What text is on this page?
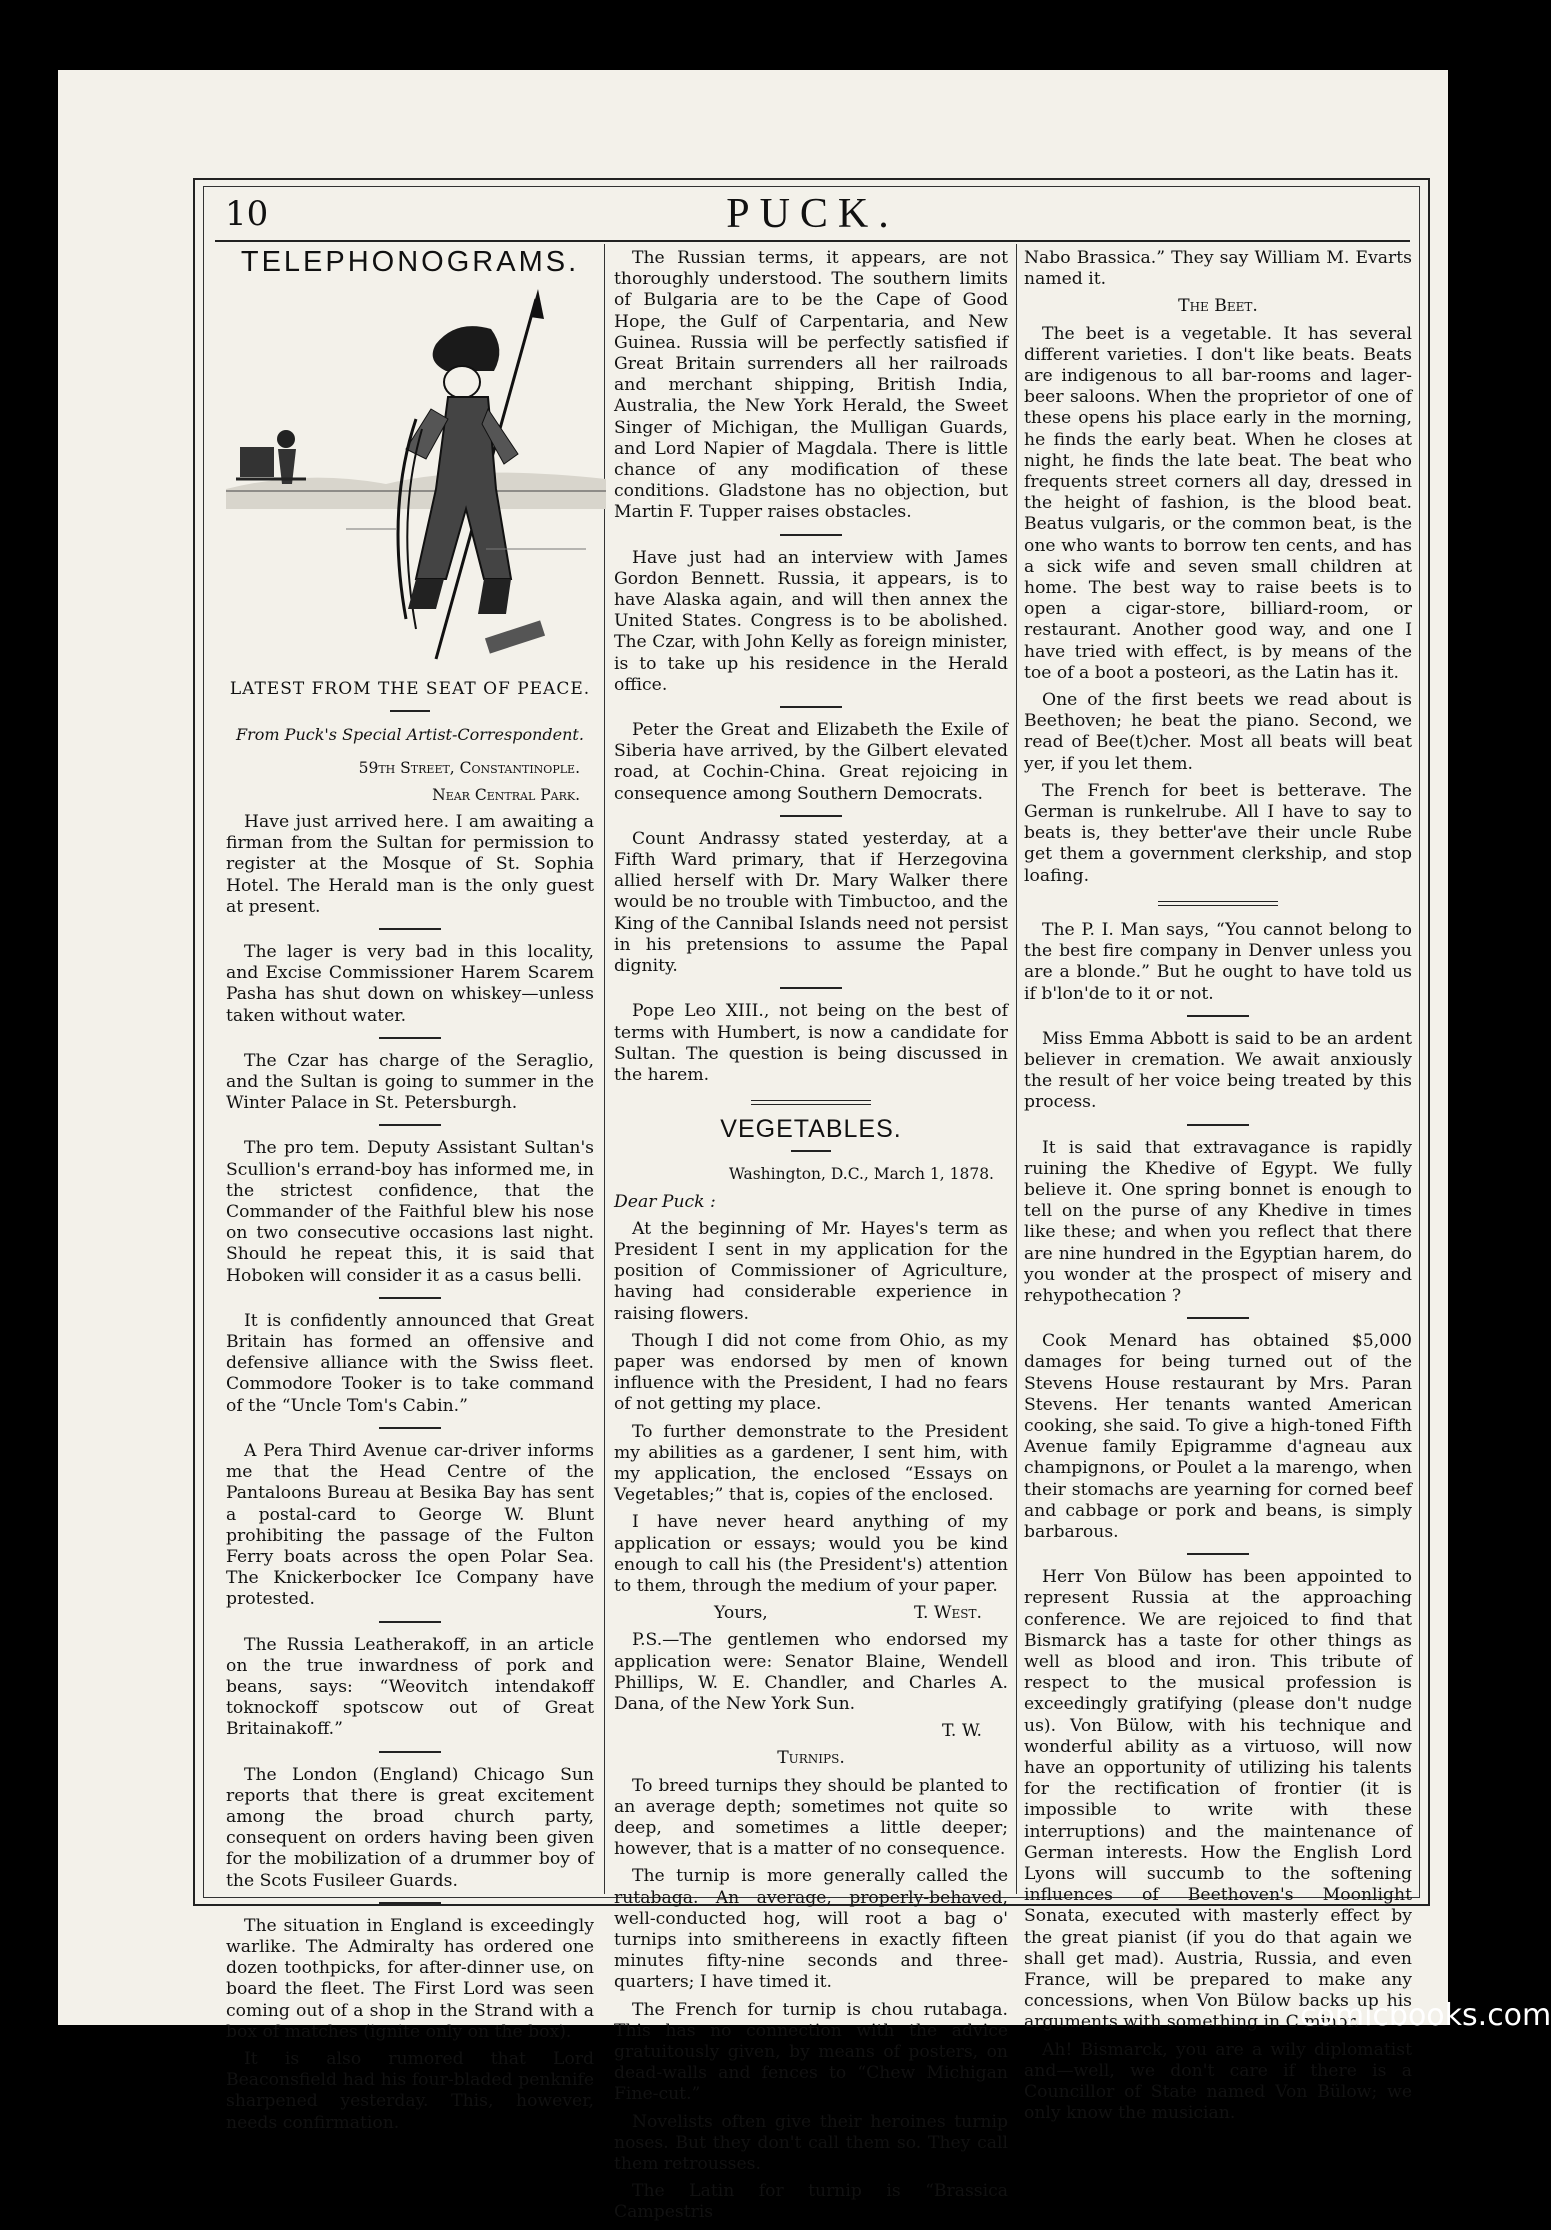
10	PUCK.
TELEPHONOGRAMS.
LATEST FROM THE SEAT OF PEACE.
From Puck's Special Artist-Correspondent.

59th Street, Constantinople.

Near Central Park.

Have just arrived here. I am awaiting a firman from the Sultan for permission to register at the Mosque of St. Sophia Hotel. The Herald man is the only guest at present.

The lager is very bad in this locality, and Excise Commissioner Harem Scarem Pasha has shut down on whiskey—unless taken without water.

The Czar has charge of the Seraglio, and the Sultan is going to summer in the Winter Palace in St. Petersburgh.

The pro tem. Deputy Assistant Sultan's Scullion's errand-boy has informed me, in the strictest confidence, that the Commander of the Faithful blew his nose on two consecutive occasions last night. Should he repeat this, it is said that Hoboken will consider it as a casus belli.

It is confidently announced that Great Britain has formed an offensive and defensive alliance with the Swiss fleet. Commodore Tooker is to take command of the “Uncle Tom's Cabin.”

A Pera Third Avenue car-driver informs me that the Head Centre of the Pantaloons Bureau at Besika Bay has sent a postal-card to George W. Blunt prohibiting the passage of the Fulton Ferry boats across the open Polar Sea. The Knickerbocker Ice Company have protested.

The Russia Leatherakoff, in an article on the true inwardness of pork and beans, says: “Weovitch intendakoff toknockoff spotscow out of Great Britainakoff.”

The London (England) Chicago Sun reports that there is great excitement among the broad church party, consequent on orders having been given for the mobilization of a drummer boy of the Scots Fusileer Guards.

The situation in England is exceedingly warlike. The Admiralty has ordered one dozen toothpicks, for after-dinner use, on board the fleet. The First Lord was seen coming out of a shop in the Strand with a box of matches (ignite only on the box).

It is also rumored that Lord Beaconsfield had his four-bladed penknife sharpened yesterday. This, however, needs confirmation.

The Russian terms, it appears, are not thoroughly understood. The southern limits of Bulgaria are to be the Cape of Good Hope, the Gulf of Carpentaria, and New Guinea. Russia will be perfectly satisfied if Great Britain surrenders all her railroads and merchant shipping, British India, Australia, the New York Herald, the Sweet Singer of Michigan, the Mulligan Guards, and Lord Napier of Magdala. There is little chance of any modification of these conditions. Gladstone has no objection, but Martin F. Tupper raises obstacles.

Have just had an interview with James Gordon Bennett. Russia, it appears, is to have Alaska again, and will then annex the United States. Congress is to be abolished. The Czar, with John Kelly as foreign minister, is to take up his residence in the Herald office.

Peter the Great and Elizabeth the Exile of Siberia have arrived, by the Gilbert elevated road, at Cochin-China. Great rejoicing in consequence among Southern Democrats.

Count Andrassy stated yesterday, at a Fifth Ward primary, that if Herzegovina allied herself with Dr. Mary Walker there would be no trouble with Timbuctoo, and the King of the Cannibal Islands need not persist in his pretensions to assume the Papal dignity.

Pope Leo XIII., not being on the best of terms with Humbert, is now a candidate for Sultan. The question is being discussed in the harem.

VEGETABLES.

Washington, D.C., March 1, 1878.

Dear Puck :

At the beginning of Mr. Hayes's term as President I sent in my application for the position of Commissioner of Agriculture, having had considerable experience in raising flowers.

Though I did not come from Ohio, as my paper was endorsed by men of known influence with the President, I had no fears of not getting my place.

To further demonstrate to the President my abilities as a gardener, I sent him, with my application, the enclosed “Essays on Vegetables;” that is, copies of the enclosed.

I have never heard anything of my application or essays; would you be kind enough to call his (the President's) attention to them, through the medium of your paper.

Yours,	T. West.

P.S.—The gentlemen who endorsed my application were: Senator Blaine, Wendell Phillips, W. E. Chandler, and Charles A. Dana, of the New York Sun.

T. W.

Turnips.

To breed turnips they should be planted to an average depth; sometimes not quite so deep, and sometimes a little deeper; however, that is a matter of no consequence.

The turnip is more generally called the rutabaga. An average, properly-behaved, well-conducted hog, will root a bag o' turnips into smithereens in exactly fifteen minutes fifty-nine seconds and three-quarters; I have timed it.

The French for turnip is chou rutabaga. This has no connection with the advice gratuitously given, by means of posters, on dead-walls and fences to “Chew Michigan Fine-cut.”

Novelists often give their heroines turnip noses. But they don't call them so. They call them retrousses.

The Latin for turnip is “Brassica Campestris

Nabo Brassica.” They say William M. Evarts named it.

The Beet.

The beet is a vegetable. It has several different varieties. I don't like beats. Beats are indigenous to all bar-rooms and lager-beer saloons. When the proprietor of one of these opens his place early in the morning, he finds the early beat. When he closes at night, he finds the late beat. The beat who frequents street corners all day, dressed in the height of fashion, is the blood beat. Beatus vulgaris, or the common beat, is the one who wants to borrow ten cents, and has a sick wife and seven small children at home. The best way to raise beets is to open a cigar-store, billiard-room, or restaurant. Another good way, and one I have tried with effect, is by means of the toe of a boot a posteori, as the Latin has it.

One of the first beets we read about is Beethoven; he beat the piano. Second, we read of Bee(t)cher. Most all beats will beat yer, if you let them.

The French for beet is betterave. The German is runkelrube. All I have to say to beats is, they better'ave their uncle Rube get them a government clerkship, and stop loafing.

The P. I. Man says, “You cannot belong to the best fire company in Denver unless you are a blonde.” But he ought to have told us if b'lon'de to it or not.

Miss Emma Abbott is said to be an ardent believer in cremation. We await anxiously the result of her voice being treated by this process.

It is said that extravagance is rapidly ruining the Khedive of Egypt. We fully believe it. One spring bonnet is enough to tell on the purse of any Khedive in times like these; and when you reflect that there are nine hundred in the Egyptian harem, do you wonder at the prospect of misery and rehypothecation ?

Cook Menard has obtained $5,000 damages for being turned out of the Stevens House restaurant by Mrs. Paran Stevens. Her tenants wanted American cooking, she said. To give a high-toned Fifth Avenue family Epigramme d'agneau aux champignons, or Poulet a la marengo, when their stomachs are yearning for corned beef and cabbage or pork and beans, is simply barbarous.

Herr Von Bülow has been appointed to represent Russia at the approaching conference. We are rejoiced to find that Bismarck has a taste for other things as well as blood and iron. This tribute of respect to the musical profession is exceedingly gratifying (please don't nudge us). Von Bülow, with his technique and wonderful ability as a virtuoso, will now have an opportunity of utilizing his talents for the rectification of frontier (it is impossible to write with these interruptions) and the maintenance of German interests. How the English Lord Lyons will succumb to the softening influences of Beethoven's Moonlight Sonata, executed with masterly effect by the great pianist (if you do that again we shall get mad). Austria, Russia, and even France, will be prepared to make any concessions, when Von Bülow backs up his arguments with something in C minor.

Ah! Bismarck, you are a wily diplomatist and—well, we don't care if there is a Councillor of State named Von Bülow; we only know the musician.

comicbooks.com
